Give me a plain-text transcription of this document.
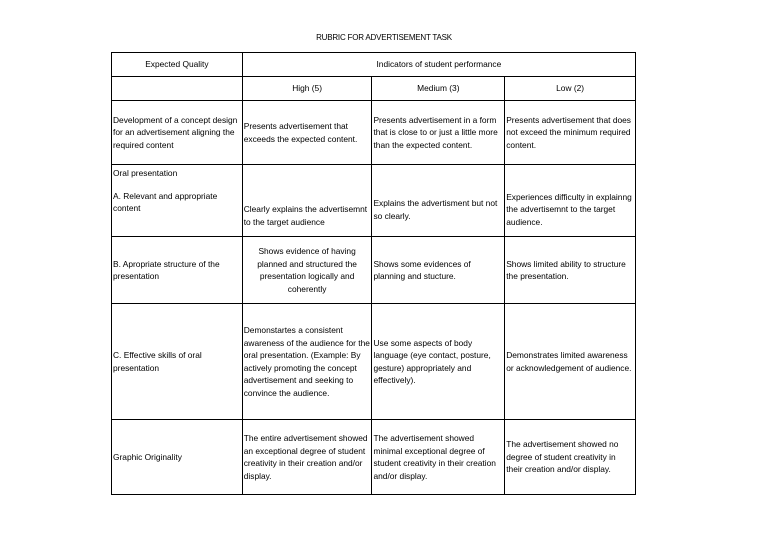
RUBRIC FOR ADVERTISEMENT TASK
Expected Quality	Indicators of student performance		
	High (5)	Medium (3)	Low (2)
Development of a concept design for an advertisement aligning the required content	Presents advertisement that exceeds the expected content.	Presents advertisement in a form that is close to or just a little more than the expected content.	Presents advertisement that does not exceed the minimum required content.

Oral presentation
A. Relevant and appropriate content	Clearly explains the advertisemnt to the target audience	Explains the advertisment but not so clearly.	Experiences difficulty in explainng the advertisemnt to the target audience.
B. Apropriate structure of the presentation	Shows evidence of having planned and structured the presentation logically and coherently	Shows some evidences of planning and stucture.	Shows limited ability to structure the presentation.
C. Effective skills of oral presentation	Demonstartes a consistent awareness of the audience for the oral presentation. (Example: By actively promoting the concept advertisement and seeking to convince the audience.	Use some aspects of body language (eye contact, posture, gesture) appropriately and effectively).	Demonstrates limited awareness or acknowledgement of audience.
Graphic Originality	The entire advertisement showed an exceptional degree of student creativity in their creation and/or display.	The advertisement showed minimal exceptional degree of student creativity in their creation and/or display.	The advertisement showed no degree of student creativity in their creation and/or display.
